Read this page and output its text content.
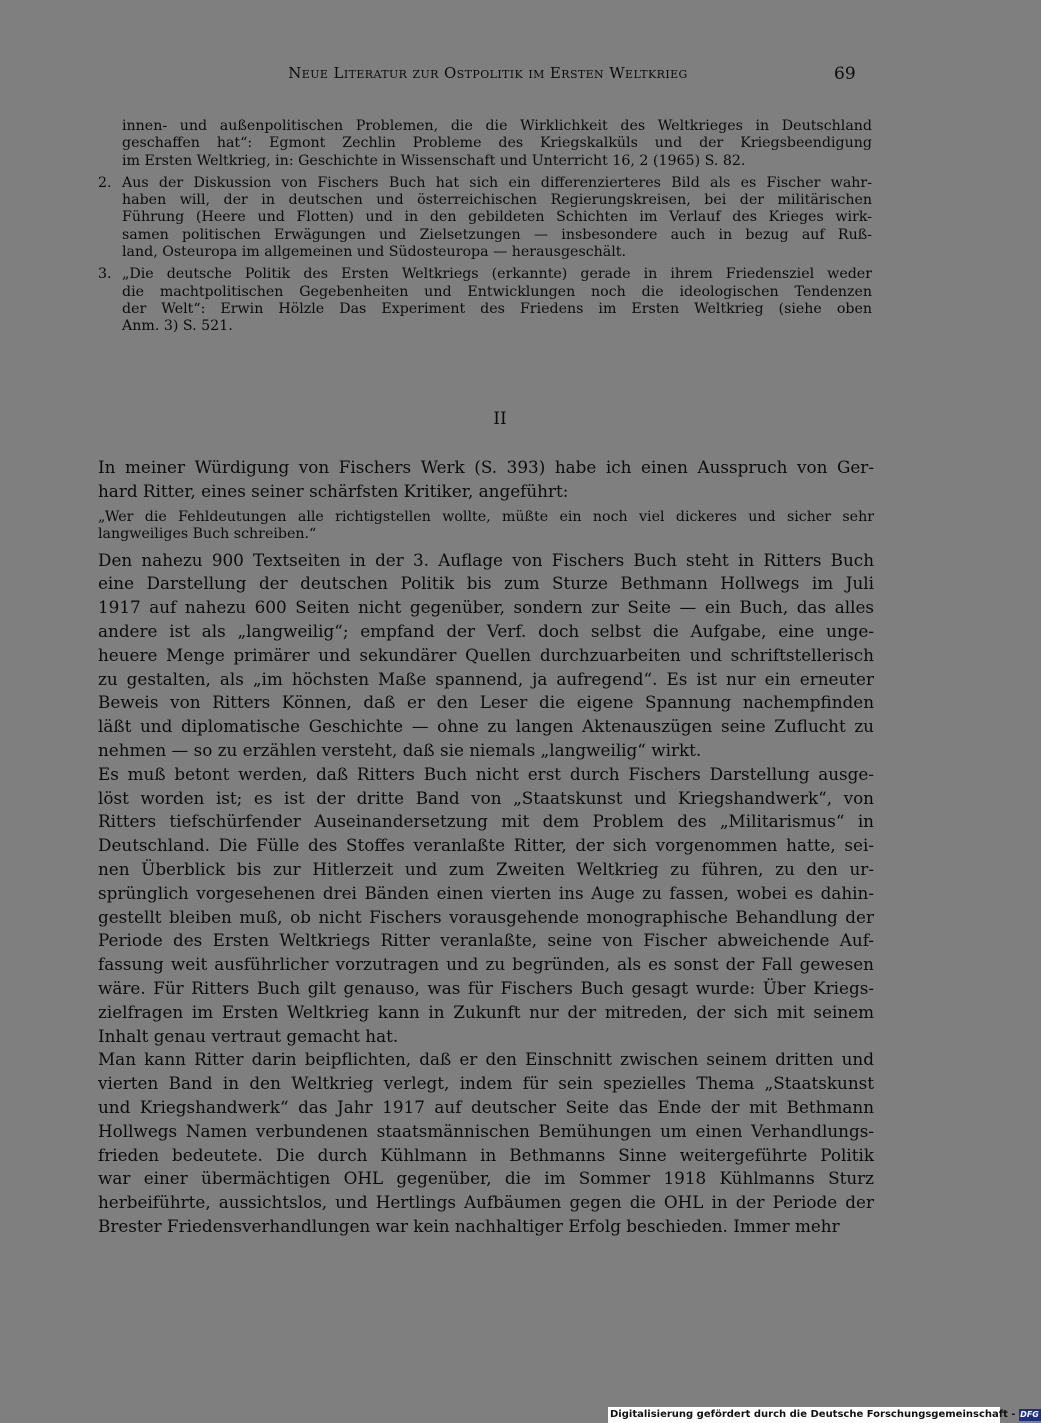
Neue Literatur zur Ostpolitik im Ersten Weltkrieg	69
innen- und außenpolitischen Problemen, die die Wirklichkeit des Weltkrieges in Deutschland
geschaffen hat“: Egmont Zechlin Probleme des Kriegskalküls und der Kriegsbeendigung
im Ersten Weltkrieg, in: Geschichte in Wissenschaft und Unterricht 16, 2 (1965) S. 82.
2. Aus der Diskussion von Fischers Buch hat sich ein differenzierteres Bild als es Fischer wahr-
haben will, der in deutschen und österreichischen Regierungskreisen, bei der militärischen
Führung (Heere und Flotten) und in den gebildeten Schichten im Verlauf des Krieges wirk-
samen politischen Erwägungen und Zielsetzungen — insbesondere auch in bezug auf Ruß-
land, Osteuropa im allgemeinen und Südosteuropa — herausgeschält.
3. „Die deutsche Politik des Ersten Weltkriegs (erkannte) gerade in ihrem Friedensziel weder
die machtpolitischen Gegebenheiten und Entwicklungen noch die ideologischen Tendenzen
der Welt“: Erwin Hölzle Das Experiment des Friedens im Ersten Weltkrieg (siehe oben
Anm. 3) S. 521.
II

In meiner Würdigung von Fischers Werk (S. 393) habe ich einen Ausspruch von Ger-
hard Ritter, eines seiner schärfsten Kritiker, angeführt:

„Wer die Fehldeutungen alle richtigstellen wollte, müßte ein noch viel dickeres und sicher sehr
langweiliges Buch schreiben.“

Den nahezu 900 Textseiten in der 3. Auflage von Fischers Buch steht in Ritters Buch
eine Darstellung der deutschen Politik bis zum Sturze Bethmann Hollwegs im Juli
1917 auf nahezu 600 Seiten nicht gegenüber, sondern zur Seite — ein Buch, das alles
andere ist als „langweilig“; empfand der Verf. doch selbst die Aufgabe, eine unge-
heuere Menge primärer und sekundärer Quellen durchzuarbeiten und schriftstellerisch
zu gestalten, als „im höchsten Maße spannend, ja aufregend“. Es ist nur ein erneuter
Beweis von Ritters Können, daß er den Leser die eigene Spannung nachempfinden
läßt und diplomatische Geschichte — ohne zu langen Aktenauszügen seine Zuflucht zu
nehmen — so zu erzählen versteht, daß sie niemals „langweilig“ wirkt.

Es muß betont werden, daß Ritters Buch nicht erst durch Fischers Darstellung ausge-
löst worden ist; es ist der dritte Band von „Staatskunst und Kriegshandwerk“, von
Ritters tiefschürfender Auseinandersetzung mit dem Problem des „Militarismus“ in
Deutschland. Die Fülle des Stoffes veranlaßte Ritter, der sich vorgenommen hatte, sei-
nen Überblick bis zur Hitlerzeit und zum Zweiten Weltkrieg zu führen, zu den ur-
sprünglich vorgesehenen drei Bänden einen vierten ins Auge zu fassen, wobei es dahin-
gestellt bleiben muß, ob nicht Fischers vorausgehende monographische Behandlung der
Periode des Ersten Weltkriegs Ritter veranlaßte, seine von Fischer abweichende Auf-
fassung weit ausführlicher vorzutragen und zu begründen, als es sonst der Fall gewesen
wäre. Für Ritters Buch gilt genauso, was für Fischers Buch gesagt wurde: Über Kriegs-
zielfragen im Ersten Weltkrieg kann in Zukunft nur der mitreden, der sich mit seinem
Inhalt genau vertraut gemacht hat.

Man kann Ritter darin beipflichten, daß er den Einschnitt zwischen seinem dritten und
vierten Band in den Weltkrieg verlegt, indem für sein spezielles Thema „Staatskunst
und Kriegshandwerk“ das Jahr 1917 auf deutscher Seite das Ende der mit Bethmann
Hollwegs Namen verbundenen staatsmännischen Bemühungen um einen Verhandlungs-
frieden bedeutete. Die durch Kühlmann in Bethmanns Sinne weitergeführte Politik
war einer übermächtigen OHL gegenüber, die im Sommer 1918 Kühlmanns Sturz
herbeiführte, aussichtslos, und Hertlings Aufbäumen gegen die OHL in der Periode der
Brester Friedensverhandlungen war kein nachhaltiger Erfolg beschieden. Immer mehr

Digitalisierung gefördert durch die Deutsche Forschungsgemeinschaft - DFG
